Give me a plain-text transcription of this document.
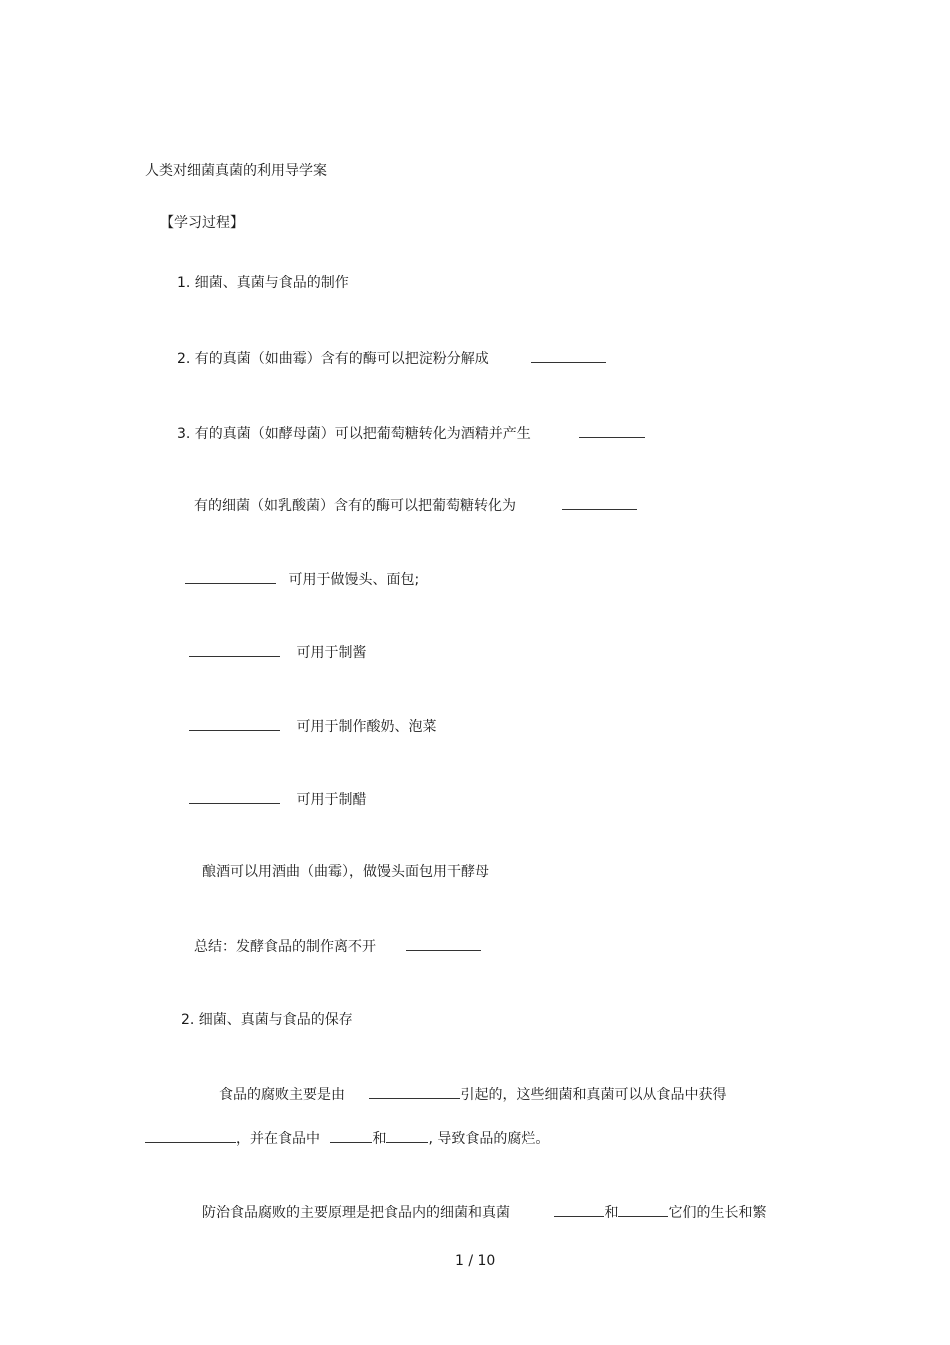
人类对细菌真菌的利用导学案
【学习过程】
1. 细菌、真菌与食品的制作
2. 有的真菌（如曲霉）含有的酶可以把淀粉分解成
3. 有的真菌（如酵母菌）可以把葡萄糖转化为酒精并产生
有的细菌（如乳酸菌）含有的酶可以把葡萄糖转化为
可用于做馒头、面包;
可用于制酱
可用于制作酸奶、泡菜
可用于制醋
酿酒可以用酒曲（曲霉），做馒头面包用干酵母
总结：发酵食品的制作离不开
2. 细菌、真菌与食品的保存
食品的腐败主要是由	引起的，这些细菌和真菌可以从食品中获得
，并在食品中	和	, 导致食品的腐烂。
防治食品腐败的主要原理是把食品内的细菌和真菌	和	它们的生长和繁
1 / 10
